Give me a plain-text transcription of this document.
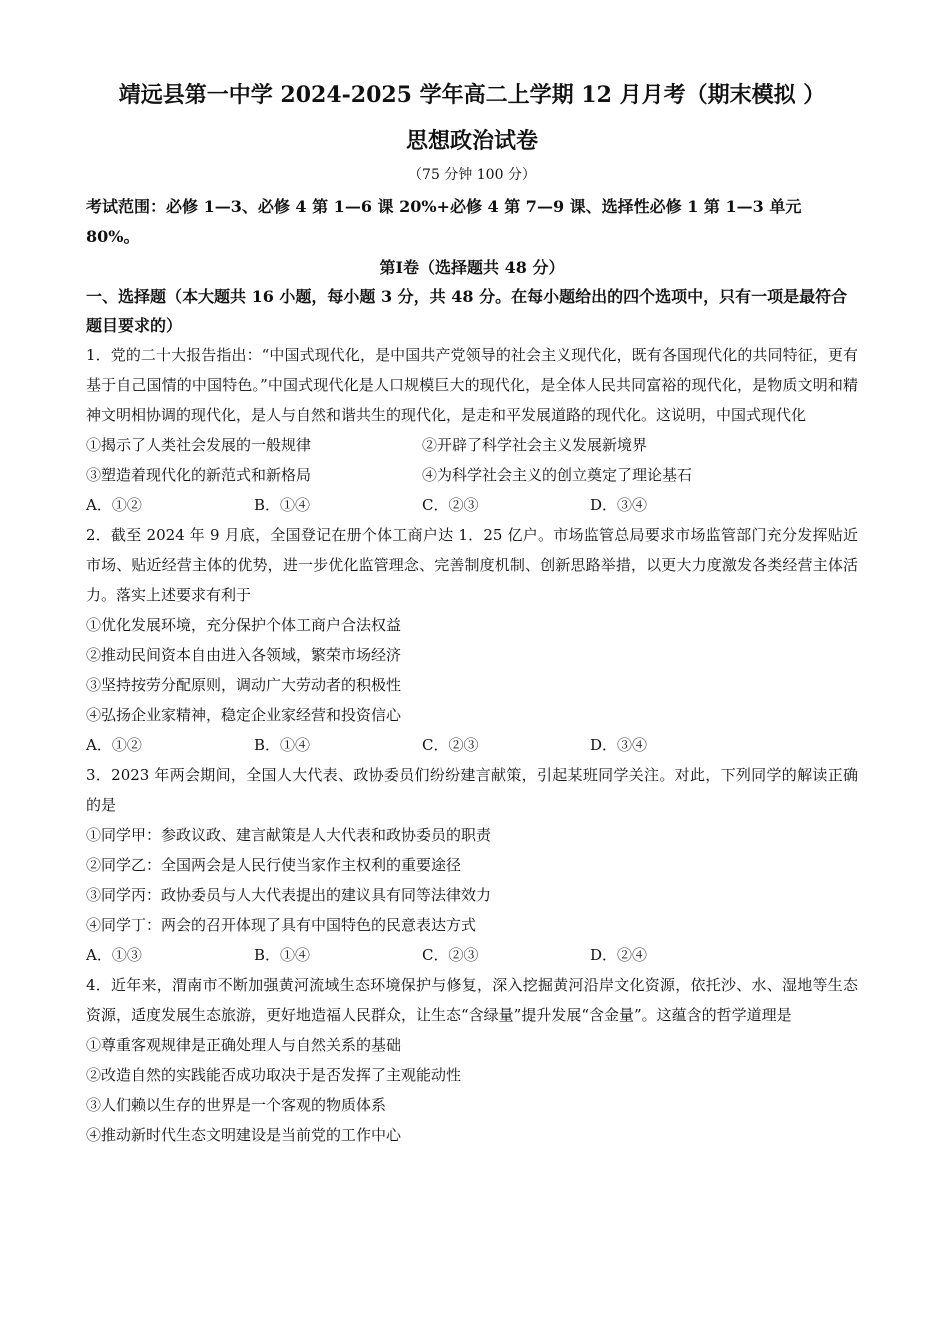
靖远县第一中学 2024-2025 学年高二上学期 12 月月考（期末模拟 ）
思想政治试卷
（75 分钟 100 分）
考试范围：必修 1—3、必修 4 第 1—6 课 20%+必修 4 第 7—9 课、选择性必修 1 第 1—3 单元 80%。
第Ⅰ卷（选择题共 48 分）
一、选择题（本大题共 16 小题，每小题 3 分，共 48 分。在每小题给出的四个选项中，只有一项是最符合题目要求的）
1．党的二十大报告指出：“中国式现代化，是中国共产党领导的社会主义现代化，既有各国现代化的共同特征，更有基于自己国情的中国特色。”中国式现代化是人口规模巨大的现代化，是全体人民共同富裕的现代化，是物质文明和精神文明相协调的现代化，是人与自然和谐共生的现代化，是走和平发展道路的现代化。这说明，中国式现代化
①揭示了人类社会发展的一般规律	②开辟了科学社会主义发展新境界
③塑造着现代化的新范式和新格局	④为科学社会主义的创立奠定了理论基石
A．①②	B．①④	C．②③	D．③④
2．截至 2024 年 9 月底，全国登记在册个体工商户达 1．25 亿户。市场监管总局要求市场监管部门充分发挥贴近市场、贴近经营主体的优势，进一步优化监管理念、完善制度机制、创新思路举措，以更大力度激发各类经营主体活力。落实上述要求有利于
①优化发展环境，充分保护个体工商户合法权益
②推动民间资本自由进入各领域，繁荣市场经济
③坚持按劳分配原则，调动广大劳动者的积极性
④弘扬企业家精神，稳定企业家经营和投资信心
A．①②	B．①④	C．②③	D．③④
3．2023 年两会期间，全国人大代表、政协委员们纷纷建言献策，引起某班同学关注。对此，下列同学的解读正确的是
①同学甲：参政议政、建言献策是人大代表和政协委员的职责
②同学乙：全国两会是人民行使当家作主权利的重要途径
③同学丙：政协委员与人大代表提出的建议具有同等法律效力
④同学丁：两会的召开体现了具有中国特色的民意表达方式
A．①③	B．①④	C．②③	D．②④
4．近年来，渭南市不断加强黄河流域生态环境保护与修复，深入挖掘黄河沿岸文化资源，依托沙、水、湿地等生态资源，适度发展生态旅游，更好地造福人民群众，让生态“含绿量”提升发展“含金量”。这蕴含的哲学道理是
①尊重客观规律是正确处理人与自然关系的基础
②改造自然的实践能否成功取决于是否发挥了主观能动性
③人们赖以生存的世界是一个客观的物质体系
④推动新时代生态文明建设是当前党的工作中心
